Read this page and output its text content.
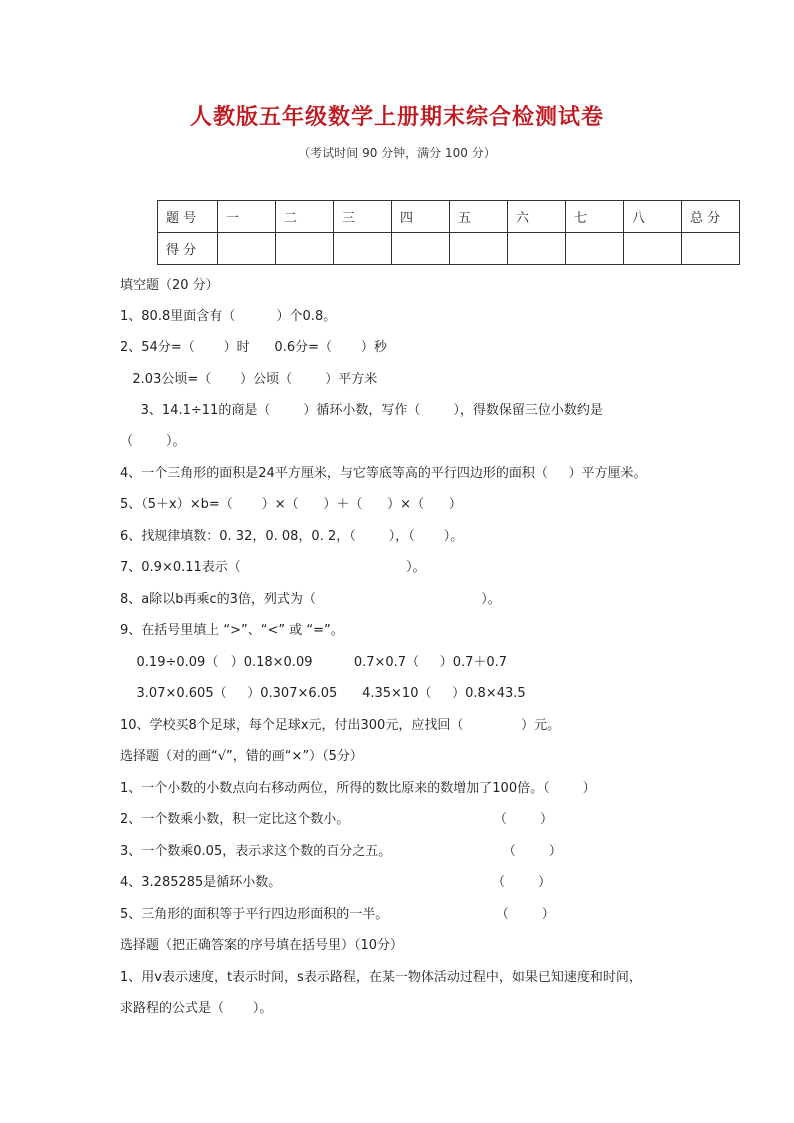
人教版五年级数学上册期末综合检测试卷
（考试时间 90 分钟，满分 100 分）
题 号	一	二	三	四	五	六	七	八	总 分
得 分									
填空题（20 分）
1、80.8里面含有（          ）个0.8。
2、54分=（       ）时      0.6分=（       ）秒
2.03公顷=（       ）公顷（        ）平方米
3、14.1÷11的商是（        ）循环小数，写作（        ），得数保留三位小数约是
（        ）。
4、一个三角形的面积是24平方厘米，与它等底等高的平行四边形的面积（     ）平方厘米。
5、（5＋x）×b=（       ）×（      ）＋（      ）×（      ）
6、找规律填数：0. 32，0. 08，0. 2，（        ），（       ）。
7、0.9×0.11表示（                                        ）。
8、a除以b再乘c的3倍，列式为（                                        ）。
9、在括号里填上 “>”、“<” 或 “=”。
0.19÷0.09（   ）0.18×0.09          0.7×0.7（     ）0.7＋0.7
3.07×0.605（     ）0.307×6.05      4.35×10（     ）0.8×43.5
10、学校买8个足球，每个足球x元，付出300元，应找回（              ）元。
选择题（对的画“√”，错的画“×”）（5分）
1、一个小数的小数点向右移动两位，所得的数比原来的数增加了100倍。（        ）
2、一个数乘小数，积一定比这个数小。                                   （        ）
3、一个数乘0.05，表示求这个数的百分之五。                           （        ）
4、3.285285是循环小数。                                                   （        ）
5、三角形的面积等于平行四边形面积的一半。                          （        ）
选择题（把正确答案的序号填在括号里）（10分）
1、用v表示速度，t表示时间，s表示路程，在某一物体活动过程中，如果已知速度和时间，
求路程的公式是（       ）。
